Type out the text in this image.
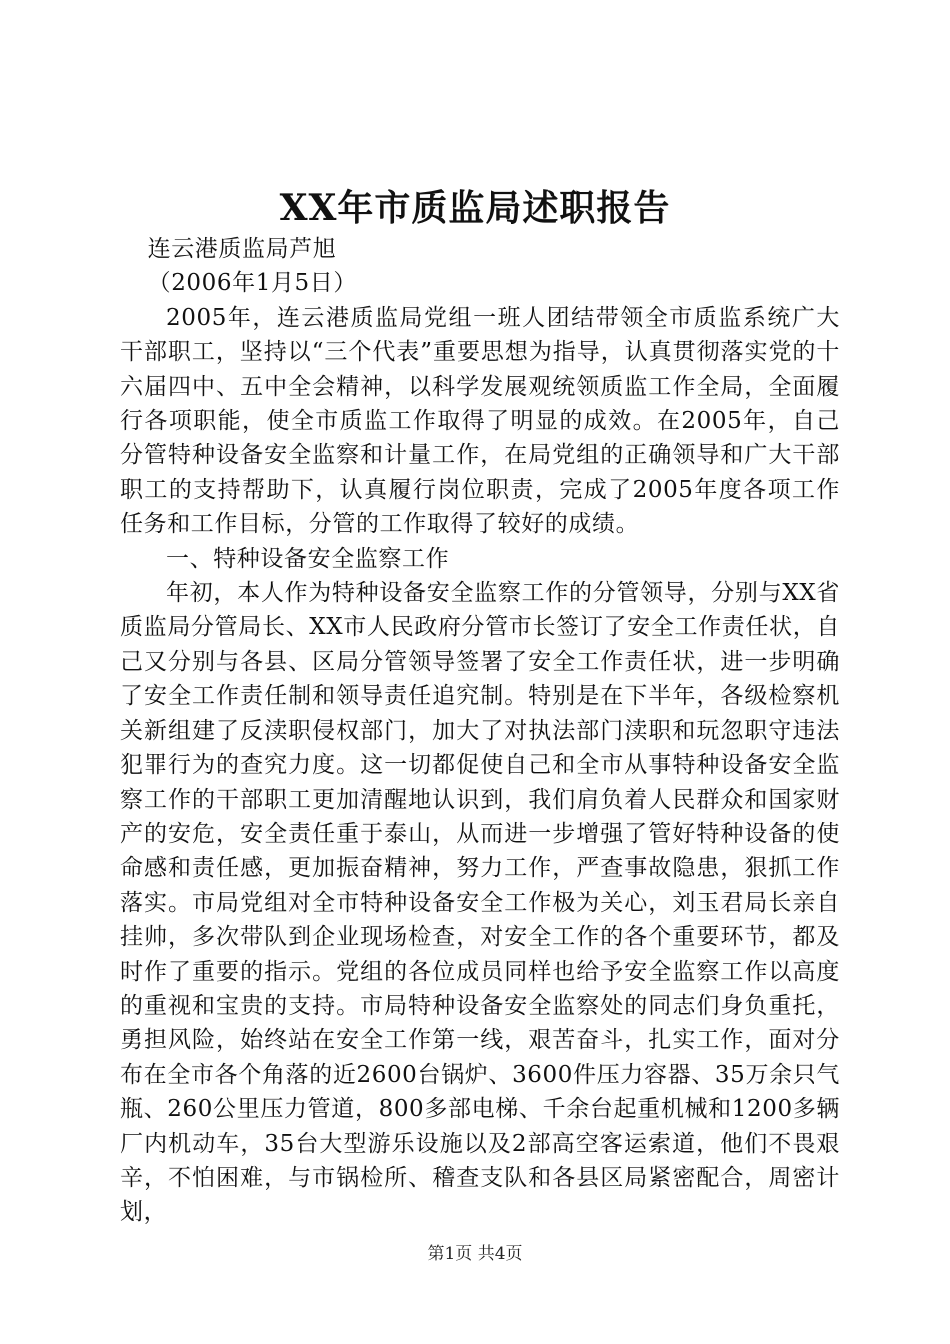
XX年市质监局述职报告

连云港质监局芦旭

（2006年1月5日）

2005年，连云港质监局党组一班人团结带领全市质监系统广大干部职工，坚持以“三个代表”重要思想为指导，认真贯彻落实党的十六届四中、五中全会精神，以科学发展观统领质监工作全局，全面履行各项职能，使全市质监工作取得了明显的成效。在2005年，自己分管特种设备安全监察和计量工作，在局党组的正确领导和广大干部职工的支持帮助下，认真履行岗位职责，完成了2005年度各项工作任务和工作目标，分管的工作取得了较好的成绩。

一、特种设备安全监察工作

年初，本人作为特种设备安全监察工作的分管领导，分别与XX省质监局分管局长、XX市人民政府分管市长签订了安全工作责任状，自己又分别与各县、区局分管领导签署了安全工作责任状，进一步明确了安全工作责任制和领导责任追究制。特别是在下半年，各级检察机关新组建了反渎职侵权部门，加大了对执法部门渎职和玩忽职守违法犯罪行为的查究力度。这一切都促使自己和全市从事特种设备安全监察工作的干部职工更加清醒地认识到，我们肩负着人民群众和国家财产的安危，安全责任重于泰山，从而进一步增强了管好特种设备的使命感和责任感，更加振奋精神，努力工作，严查事故隐患，狠抓工作落实。市局党组对全市特种设备安全工作极为关心，刘玉君局长亲自挂帅，多次带队到企业现场检查，对安全工作的各个重要环节，都及时作了重要的指示。党组的各位成员同样也给予安全监察工作以高度的重视和宝贵的支持。市局特种设备安全监察处的同志们身负重托，勇担风险，始终站在安全工作第一线，艰苦奋斗，扎实工作，面对分布在全市各个角落的近2600台锅炉、3600件压力容器、35万余只气瓶、260公里压力管道，800多部电梯、千余台起重机械和1200多辆厂内机动车，35台大型游乐设施以及2部高空客运索道，他们不畏艰辛，不怕困难，与市锅检所、稽查支队和各县区局紧密配合，周密计划，

第1页 共4页
